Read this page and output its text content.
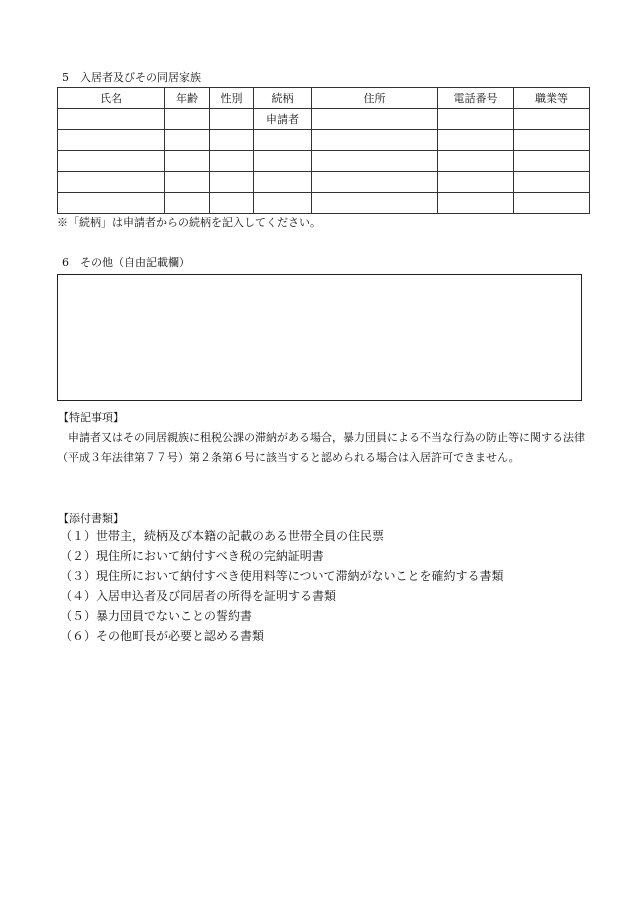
5　入居者及びその同居家族
氏名	年齢	性別	続柄	住所	電話番号	職業等
			申請者			

※「続柄」は申請者からの続柄を記入してください。
6　その他（自由記載欄）
【特記事項】
申請者又はその同居親族に租税公課の滞納がある場合，暴力団員による不当な行為の防止等に関する法律（平成３年法律第７７号）第２条第６号に該当すると認められる場合は入居許可できません。
【添付書類】
（１）世帯主，続柄及び本籍の記載のある世帯全員の住民票
（２）現住所において納付すべき税の完納証明書
（３）現住所において納付すべき使用料等について滞納がないことを確約する書類
（４）入居申込者及び同居者の所得を証明する書類
（５）暴力団員でないことの誓約書
（６）その他町長が必要と認める書類
